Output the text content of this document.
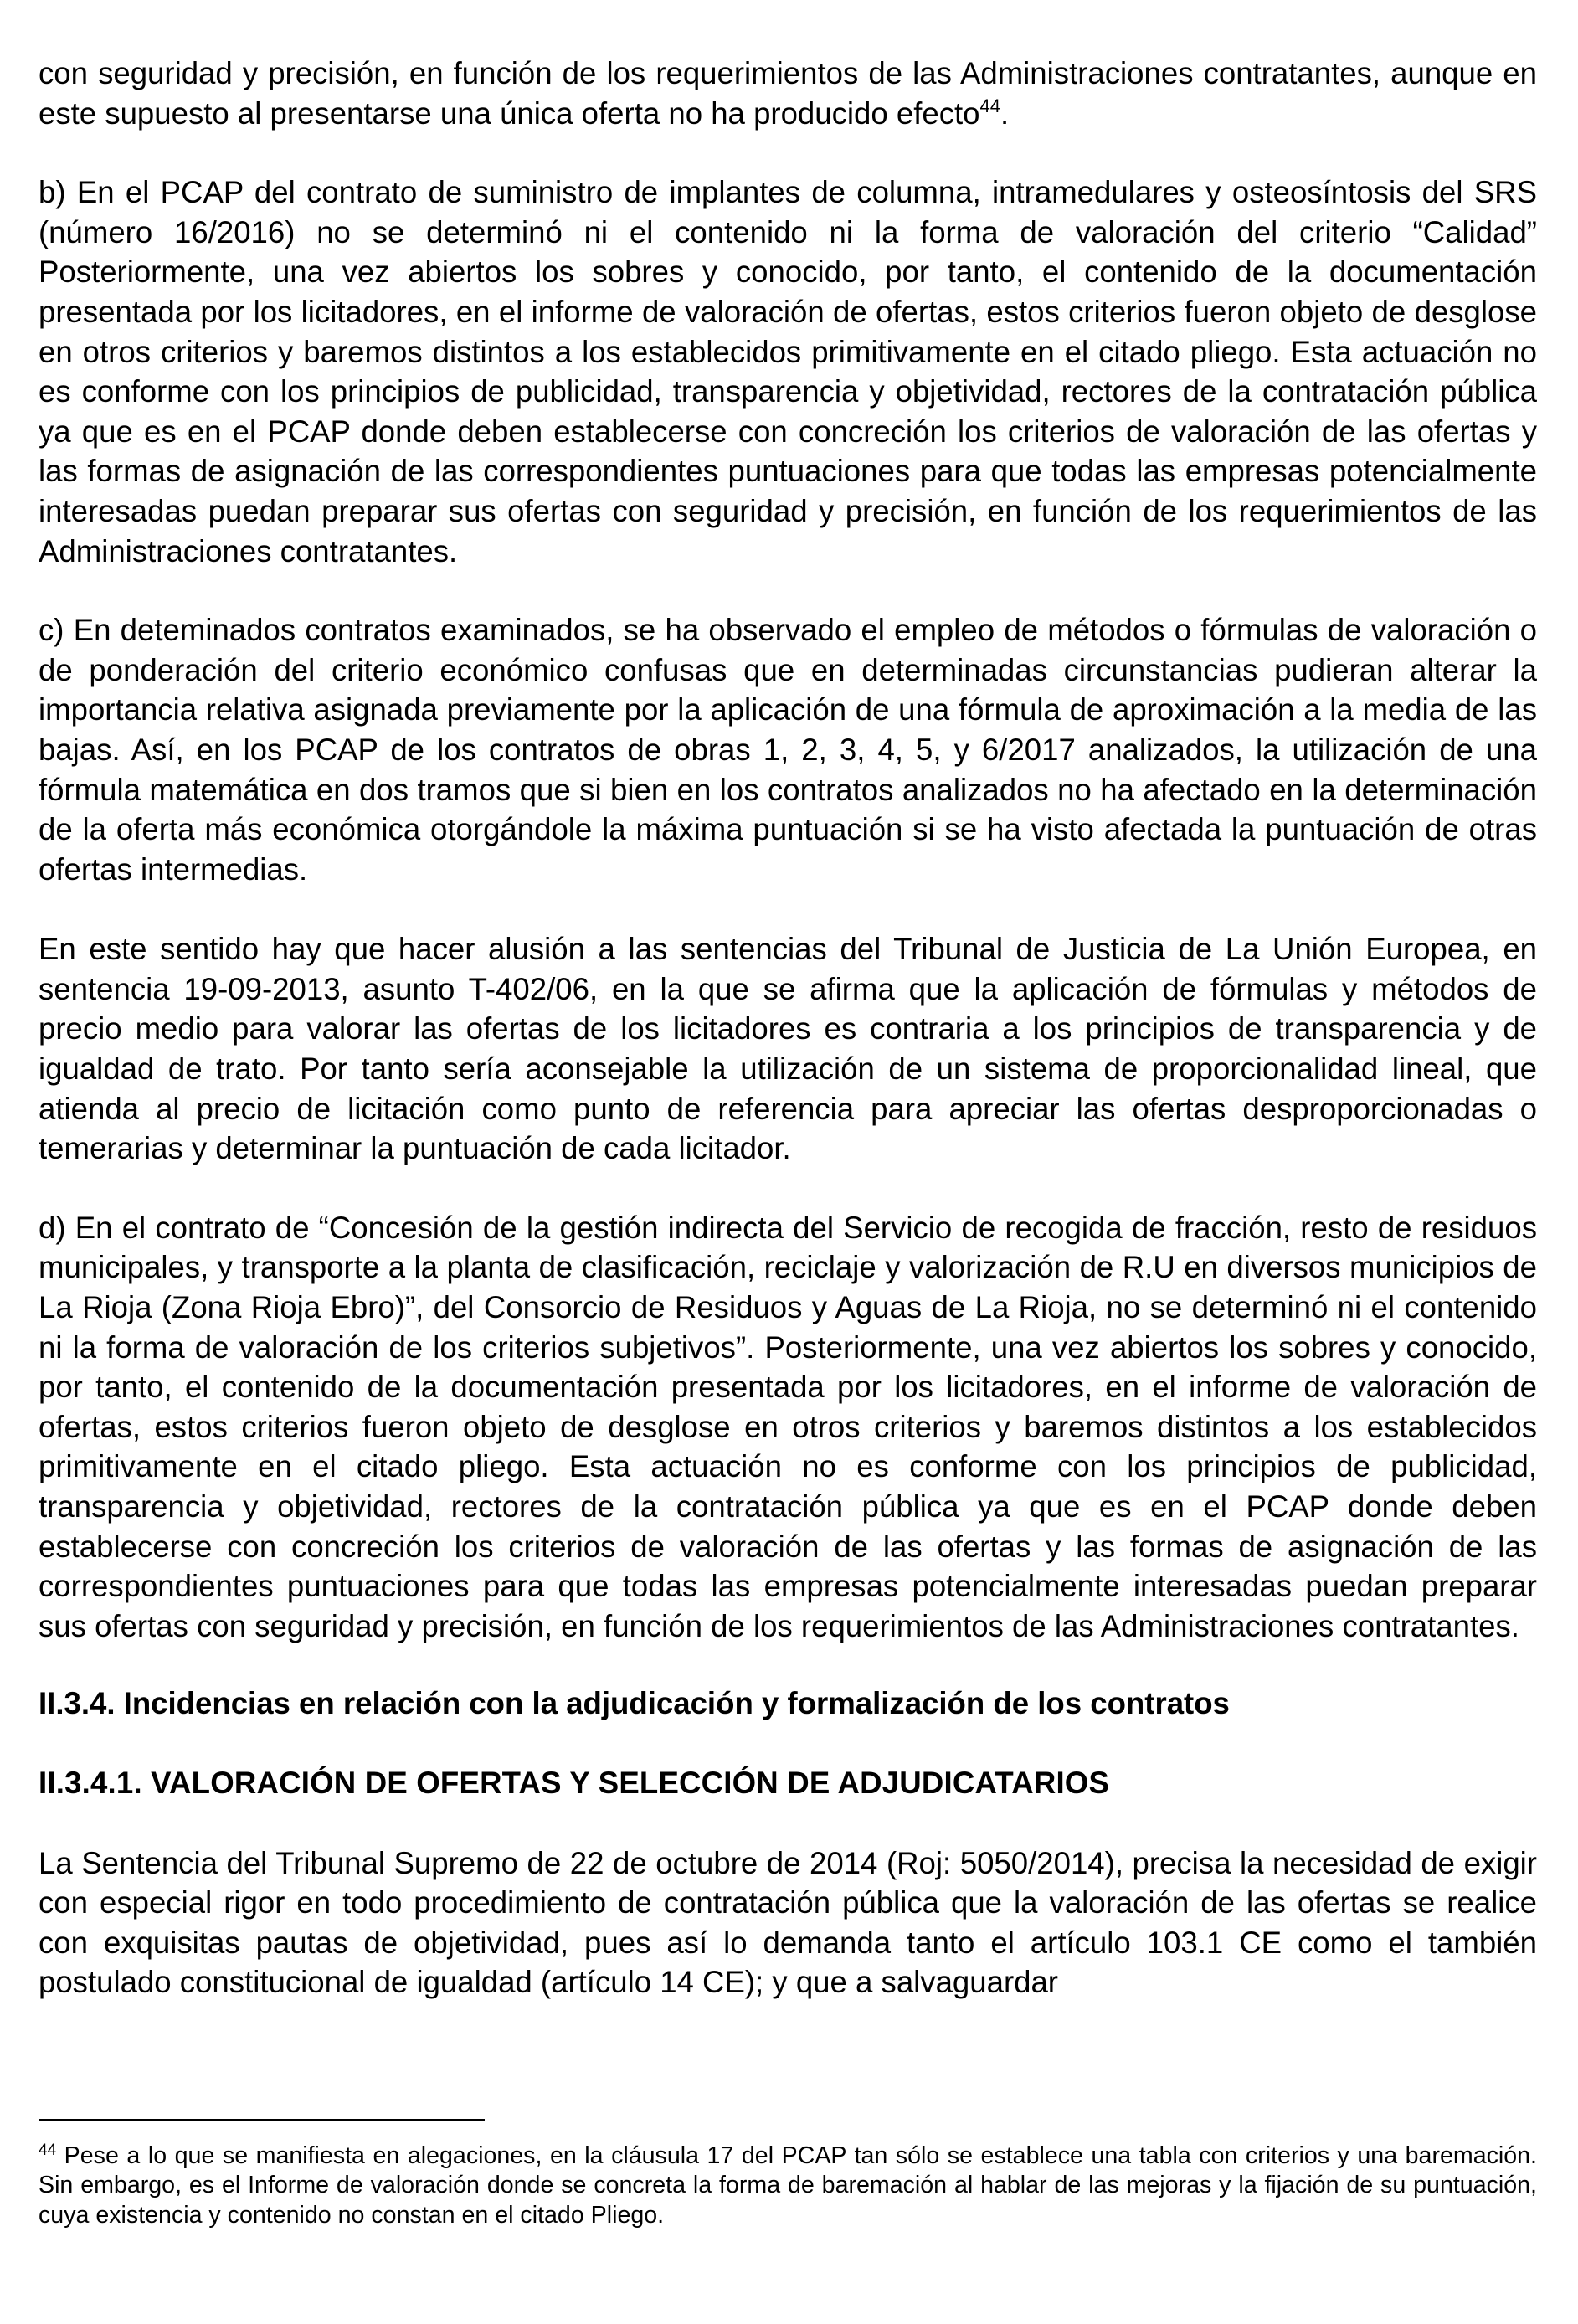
con seguridad y precisión, en función de los requerimientos de las Administraciones contratantes, aunque en este supuesto al presentarse una única oferta no ha producido efecto$^{44}$.

b) En el PCAP del contrato de suministro de implantes de columna, intramedulares y osteosíntosis del SRS (número 16/2016) no se determinó ni el contenido ni la forma de valoración del criterio “Calidad” Posteriormente, una vez abiertos los sobres y conocido, por tanto, el contenido de la documentación presentada por los licitadores, en el informe de valoración de ofertas, estos criterios fueron objeto de desglose en otros criterios y baremos distintos a los establecidos primitivamente en el citado pliego. Esta actuación no es conforme con los principios de publicidad, transparencia y objetividad, rectores de la contratación pública ya que es en el PCAP donde deben establecerse con concreción los criterios de valoración de las ofertas y las formas de asignación de las correspondientes puntuaciones para que todas las empresas potencialmente interesadas puedan preparar sus ofertas con seguridad y precisión, en función de los requerimientos de las Administraciones contratantes.

c) En deteminados contratos examinados, se ha observado el empleo de métodos o fórmulas de valoración o de ponderación del criterio económico confusas que en determinadas circunstancias pudieran alterar la importancia relativa asignada previamente por la aplicación de una fórmula de aproximación a la media de las bajas. Así, en los PCAP de los contratos de obras 1, 2, 3, 4, 5, y 6/2017 analizados, la utilización de una fórmula matemática en dos tramos que si bien en los contratos analizados no ha afectado en la determinación de la oferta más económica otorgándole la máxima puntuación si se ha visto afectada la puntuación de otras ofertas intermedias.

En este sentido hay que hacer alusión a las sentencias del Tribunal de Justicia de La Unión Europea, en sentencia 19-09-2013, asunto T-402/06, en la que se afirma que la aplicación de fórmulas y métodos de precio medio para valorar las ofertas de los licitadores es contraria a los principios de transparencia y de igualdad de trato. Por tanto sería aconsejable la utilización de un sistema de proporcionalidad lineal, que atienda al precio de licitación como punto de referencia para apreciar las ofertas desproporcionadas o temerarias y determinar la puntuación de cada licitador.

d) En el contrato de “Concesión de la gestión indirecta del Servicio de recogida de fracción, resto de residuos municipales, y transporte a la planta de clasificación, reciclaje y valorización de R.U en diversos municipios de La Rioja (Zona Rioja Ebro)”, del Consorcio de Residuos y Aguas de La Rioja, no se determinó ni el contenido ni la forma de valoración de los criterios subjetivos”. Posteriormente, una vez abiertos los sobres y conocido, por tanto, el contenido de la documentación presentada por los licitadores, en el informe de valoración de ofertas, estos criterios fueron objeto de desglose en otros criterios y baremos distintos a los establecidos primitivamente en el citado pliego. Esta actuación no es conforme con los principios de publicidad, transparencia y objetividad, rectores de la contratación pública ya que es en el PCAP donde deben establecerse con concreción los criterios de valoración de las ofertas y las formas de asignación de las correspondientes puntuaciones para que todas las empresas potencialmente interesadas puedan preparar sus ofertas con seguridad y precisión, en función de los requerimientos de las Administraciones contratantes.

II.3.4. Incidencias en relación con la adjudicación y formalización de los contratos
II.3.4.1. VALORACIÓN DE OFERTAS Y SELECCIÓN DE ADJUDICATARIOS

La Sentencia del Tribunal Supremo de 22 de octubre de 2014 (Roj: 5050/2014), precisa la necesidad de exigir con especial rigor en todo procedimiento de contratación pública que la valoración de las ofertas se realice con exquisitas pautas de objetividad, pues así lo demanda tanto el artículo 103.1 CE como el también postulado constitucional de igualdad (artículo 14 CE); y que a salvaguardar

$^{44}$ Pese a lo que se manifiesta en alegaciones, en la cláusula 17 del PCAP tan sólo se establece una tabla con criterios y una baremación. Sin embargo, es el Informe de valoración donde se concreta la forma de baremación al hablar de las mejoras y la fijación de su puntuación, cuya existencia y contenido no constan en el citado Pliego.
